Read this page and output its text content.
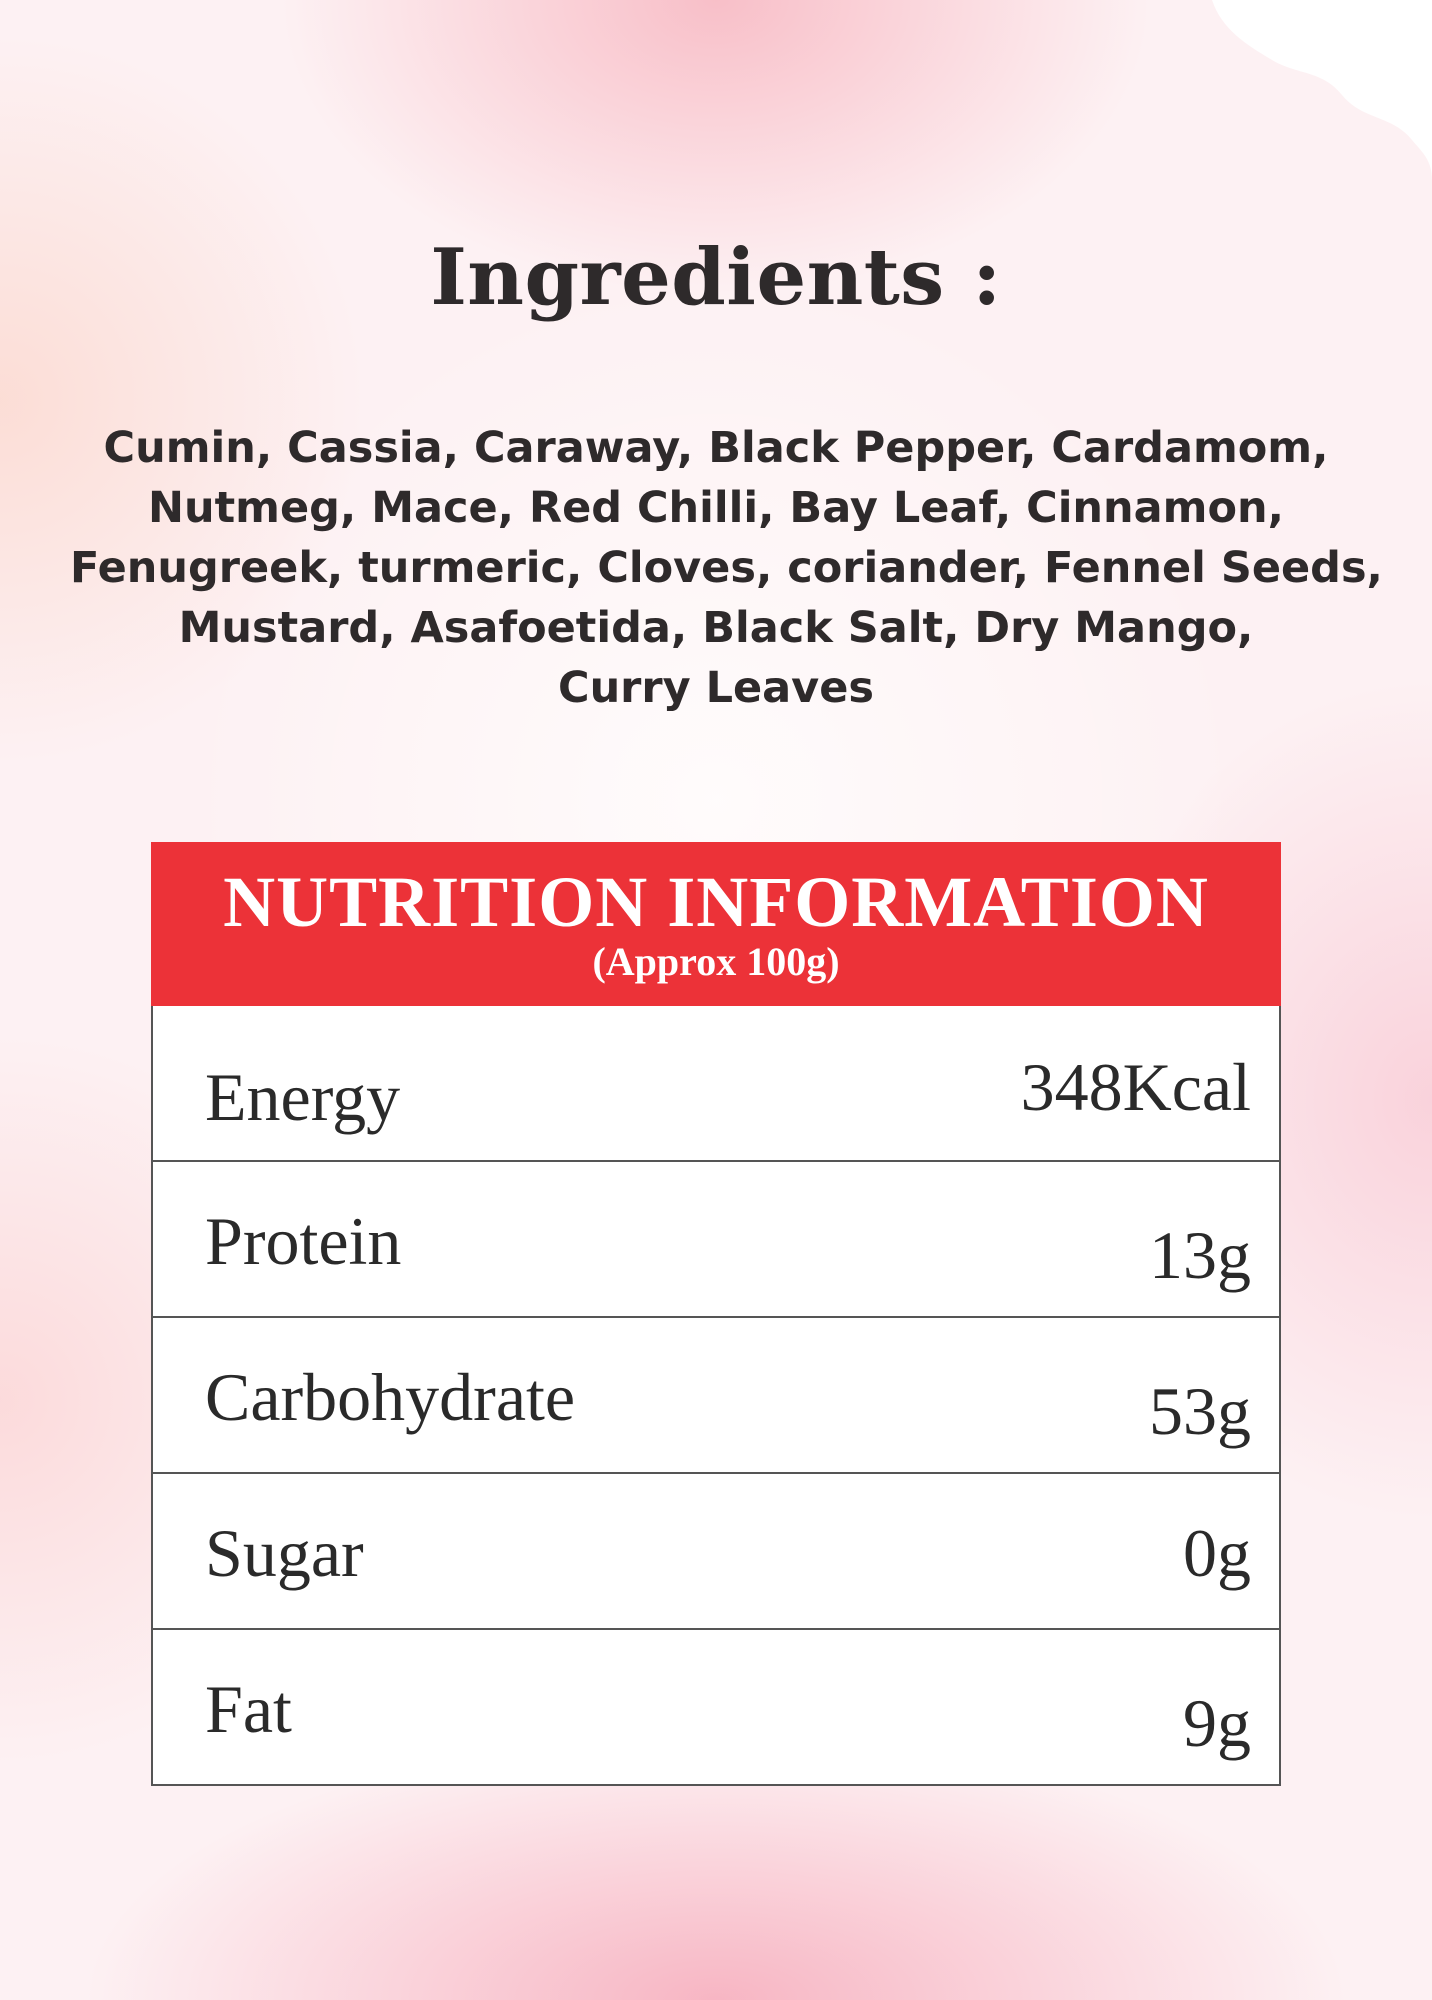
Ingredients :
Cumin, Cassia, Caraway, Black Pepper, Cardamom,
Nutmeg, Mace, Red Chilli, Bay Leaf, Cinnamon,
Fenugreek, turmeric, Cloves, coriander, Fennel Seeds,
Mustard, Asafoetida, Black Salt, Dry Mango,
Curry Leaves
NUTRITION INFORMATION
(Approx 100g)
Energy	348Kcal
Protein	13g
Carbohydrate	53g
Sugar	0g
Fat	9g
